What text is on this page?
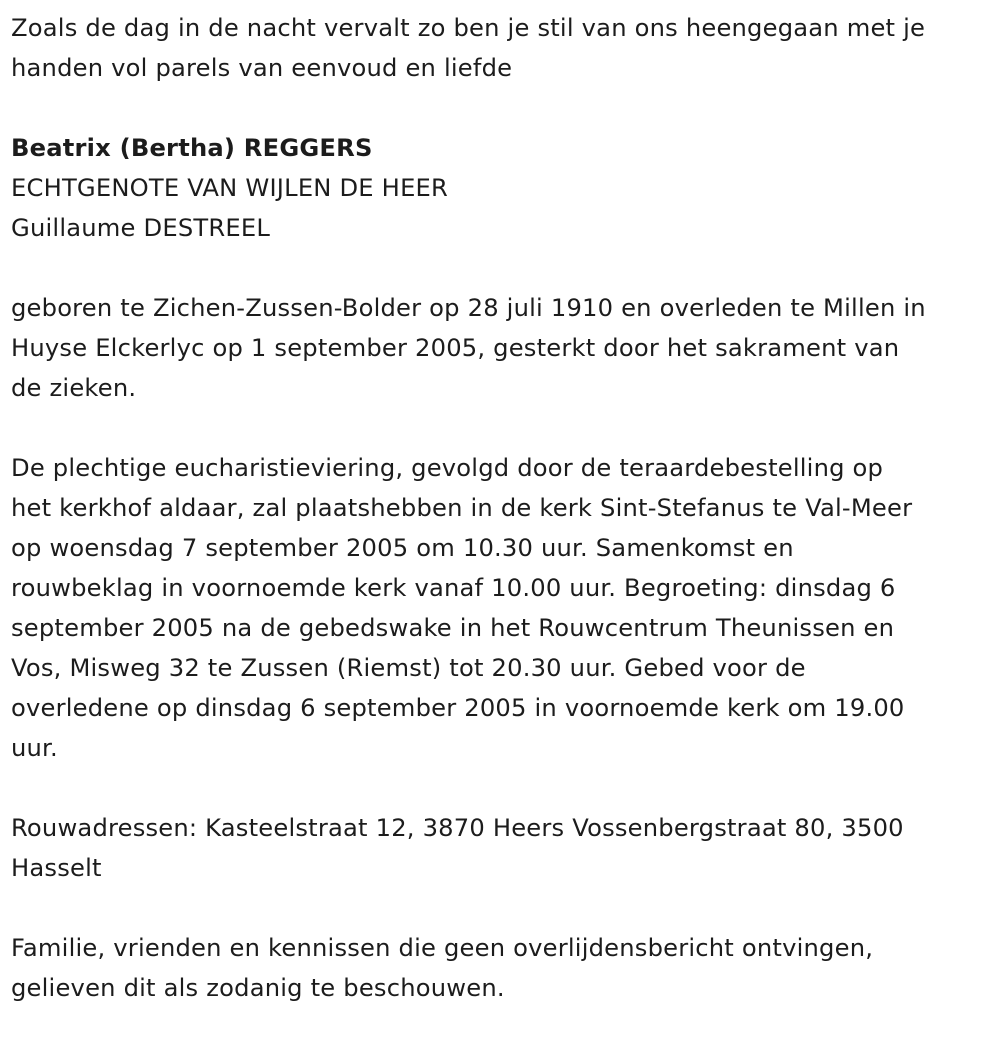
Zoals de dag in de nacht vervalt zo ben je stil van ons heengegaan met je
handen vol parels van eenvoud en liefde

Beatrix (Bertha) REGGERS
ECHTGENOTE VAN WIJLEN DE HEER
Guillaume DESTREEL

geboren te Zichen-Zussen-Bolder op 28 juli 1910 en overleden te Millen in
Huyse Elckerlyc op 1 september 2005, gesterkt door het sakrament van
de zieken.

De plechtige eucharistieviering, gevolgd door de teraardebestelling op
het kerkhof aldaar, zal plaatshebben in de kerk Sint-Stefanus te Val-Meer
op woensdag 7 september 2005 om 10.30 uur. Samenkomst en
rouwbeklag in voornoemde kerk vanaf 10.00 uur. Begroeting: dinsdag 6
september 2005 na de gebedswake in het Rouwcentrum Theunissen en
Vos, Misweg 32 te Zussen (Riemst) tot 20.30 uur. Gebed voor de
overledene op dinsdag 6 september 2005 in voornoemde kerk om 19.00
uur.

Rouwadressen: Kasteelstraat 12, 3870 Heers Vossenbergstraat 80, 3500
Hasselt

Familie, vrienden en kennissen die geen overlijdensbericht ontvingen,
gelieven dit als zodanig te beschouwen.
